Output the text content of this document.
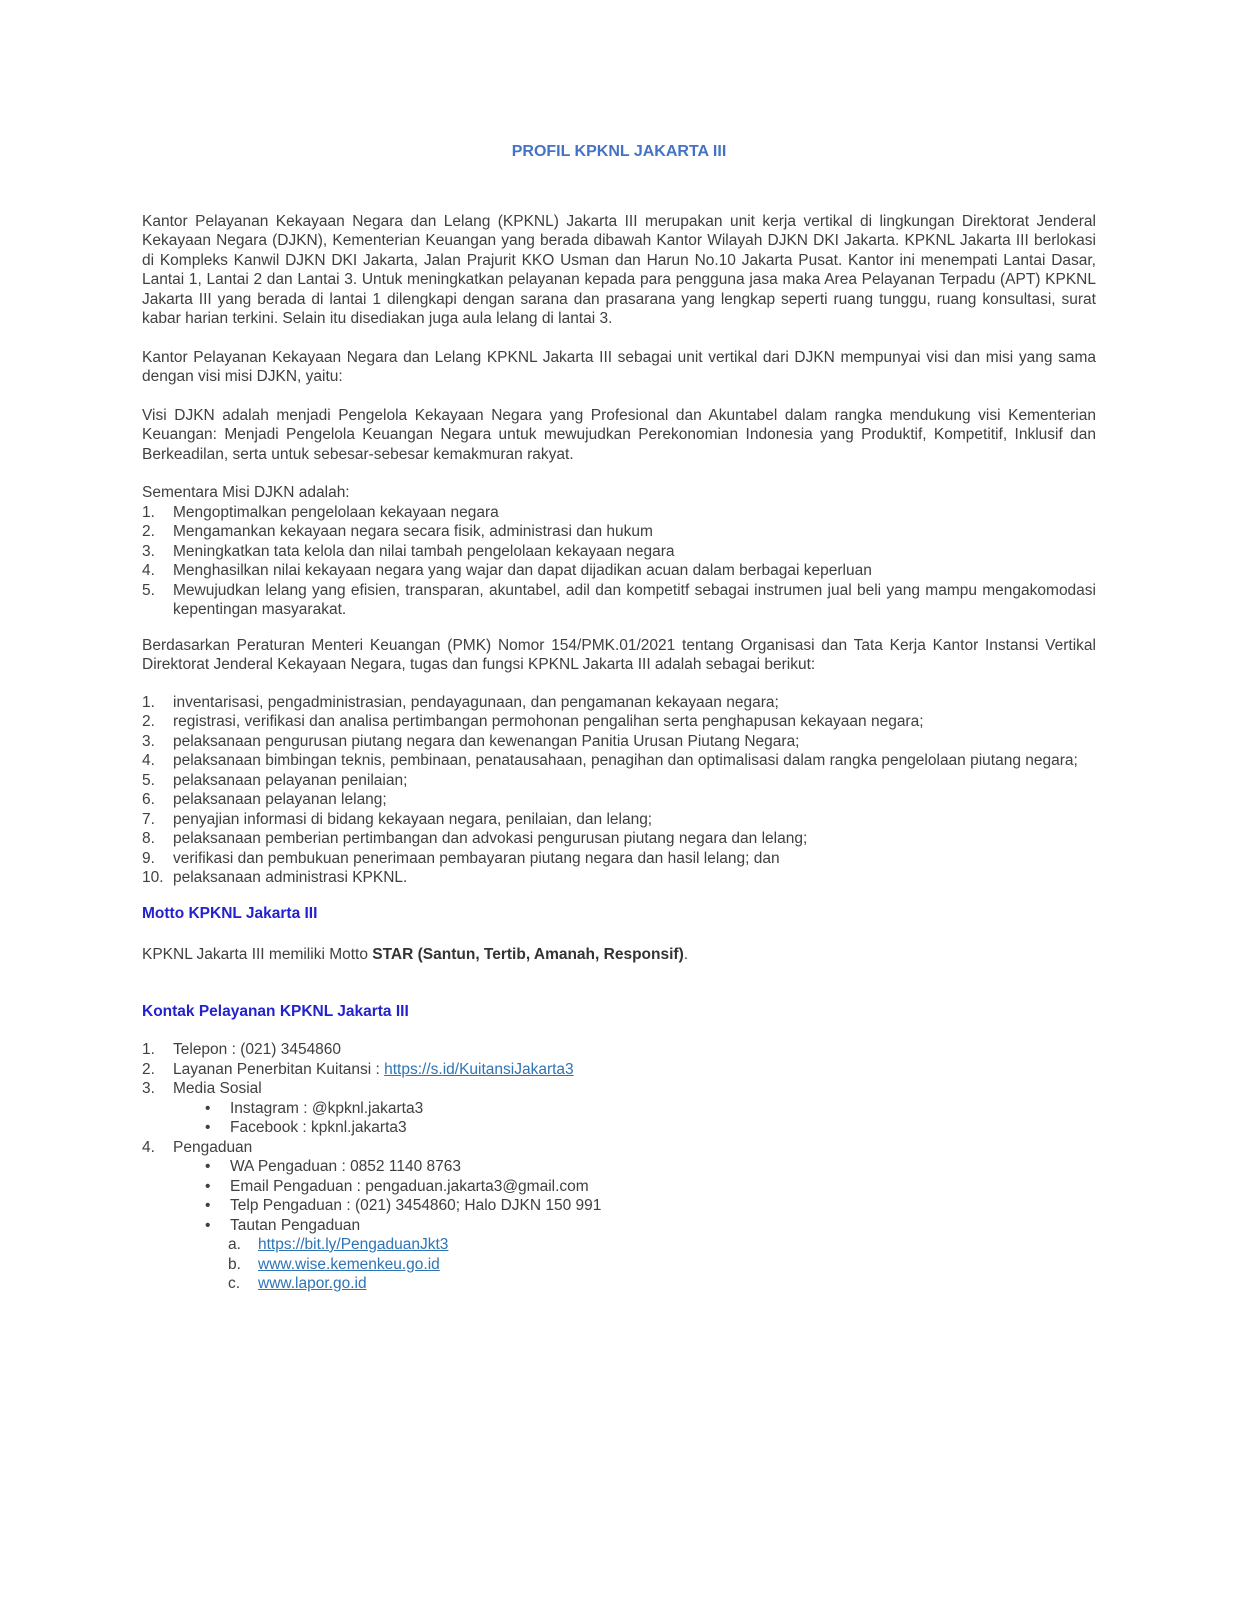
PROFIL KPKNL JAKARTA III

Kantor Pelayanan Kekayaan Negara dan Lelang (KPKNL) Jakarta III merupakan unit kerja vertikal di lingkungan Direktorat Jenderal Kekayaan Negara (DJKN), Kementerian Keuangan yang berada dibawah Kantor Wilayah DJKN DKI Jakarta. KPKNL Jakarta III berlokasi di Kompleks Kanwil DJKN DKI Jakarta, Jalan Prajurit KKO Usman dan Harun No.10 Jakarta Pusat. Kantor ini menempati Lantai Dasar, Lantai 1, Lantai 2 dan Lantai 3. Untuk meningkatkan pelayanan kepada para pengguna jasa maka Area Pelayanan Terpadu (APT) KPKNL Jakarta III yang berada di lantai 1 dilengkapi dengan sarana dan prasarana yang lengkap seperti ruang tunggu, ruang konsultasi, surat kabar harian terkini. Selain itu disediakan juga aula lelang di lantai 3.

Kantor Pelayanan Kekayaan Negara dan Lelang KPKNL Jakarta III sebagai unit vertikal dari DJKN mempunyai visi dan misi yang sama dengan visi misi DJKN, yaitu:

Visi DJKN adalah menjadi Pengelola Kekayaan Negara yang Profesional dan Akuntabel dalam rangka mendukung visi Kementerian Keuangan: Menjadi Pengelola Keuangan Negara untuk mewujudkan Perekonomian Indonesia yang Produktif, Kompetitif, Inklusif dan Berkeadilan, serta untuk sebesar-sebesar kemakmuran rakyat.

Sementara Misi DJKN adalah:

1.	Mengoptimalkan pengelolaan kekayaan negara
2.	Mengamankan kekayaan negara secara fisik, administrasi dan hukum
3.	Meningkatkan tata kelola dan nilai tambah pengelolaan kekayaan negara
4.	Menghasilkan nilai kekayaan negara yang wajar dan dapat dijadikan acuan dalam berbagai keperluan
5.	Mewujudkan lelang yang efisien, transparan, akuntabel, adil dan kompetitf sebagai instrumen jual beli yang mampu mengakomodasi kepentingan masyarakat.

Berdasarkan Peraturan Menteri Keuangan (PMK) Nomor 154/PMK.01/2021 tentang Organisasi dan Tata Kerja Kantor Instansi Vertikal Direktorat Jenderal Kekayaan Negara, tugas dan fungsi KPKNL Jakarta III adalah sebagai berikut:

1.	inventarisasi, pengadministrasian, pendayagunaan, dan pengamanan kekayaan negara;
2.	registrasi, verifikasi dan analisa pertimbangan permohonan pengalihan serta penghapusan kekayaan negara;
3.	pelaksanaan pengurusan piutang negara dan kewenangan Panitia Urusan Piutang Negara;
4.	pelaksanaan bimbingan teknis, pembinaan, penatausahaan, penagihan dan optimalisasi dalam rangka pengelolaan piutang negara;
5.	pelaksanaan pelayanan penilaian;
6.	pelaksanaan pelayanan lelang;
7.	penyajian informasi di bidang kekayaan negara, penilaian, dan lelang;
8.	pelaksanaan pemberian pertimbangan dan advokasi pengurusan piutang negara dan lelang;
9.	verifikasi dan pembukuan penerimaan pembayaran piutang negara dan hasil lelang; dan
10. pelaksanaan administrasi KPKNL.

Motto KPKNL Jakarta III

KPKNL Jakarta III memiliki Motto STAR (Santun, Tertib, Amanah, Responsif).

Kontak Pelayanan KPKNL Jakarta III

1.	Telepon : (021) 3454860
2.	Layanan Penerbitan Kuitansi : https://s.id/KuitansiJakarta3
3.	Media Sosial
•
Instagram : @kpknl.jakarta3
•
Facebook : kpknl.jakarta3
4.	Pengaduan
•
WA Pengaduan : 0852 1140 8763
•
Email Pengaduan : pengaduan.jakarta3@gmail.com
•
Telp Pengaduan : (021) 3454860; Halo DJKN 150 991
•
Tautan Pengaduan
a.	https://bit.ly/PengaduanJkt3
b.	www.wise.kemenkeu.go.id
c.	www.lapor.go.id
